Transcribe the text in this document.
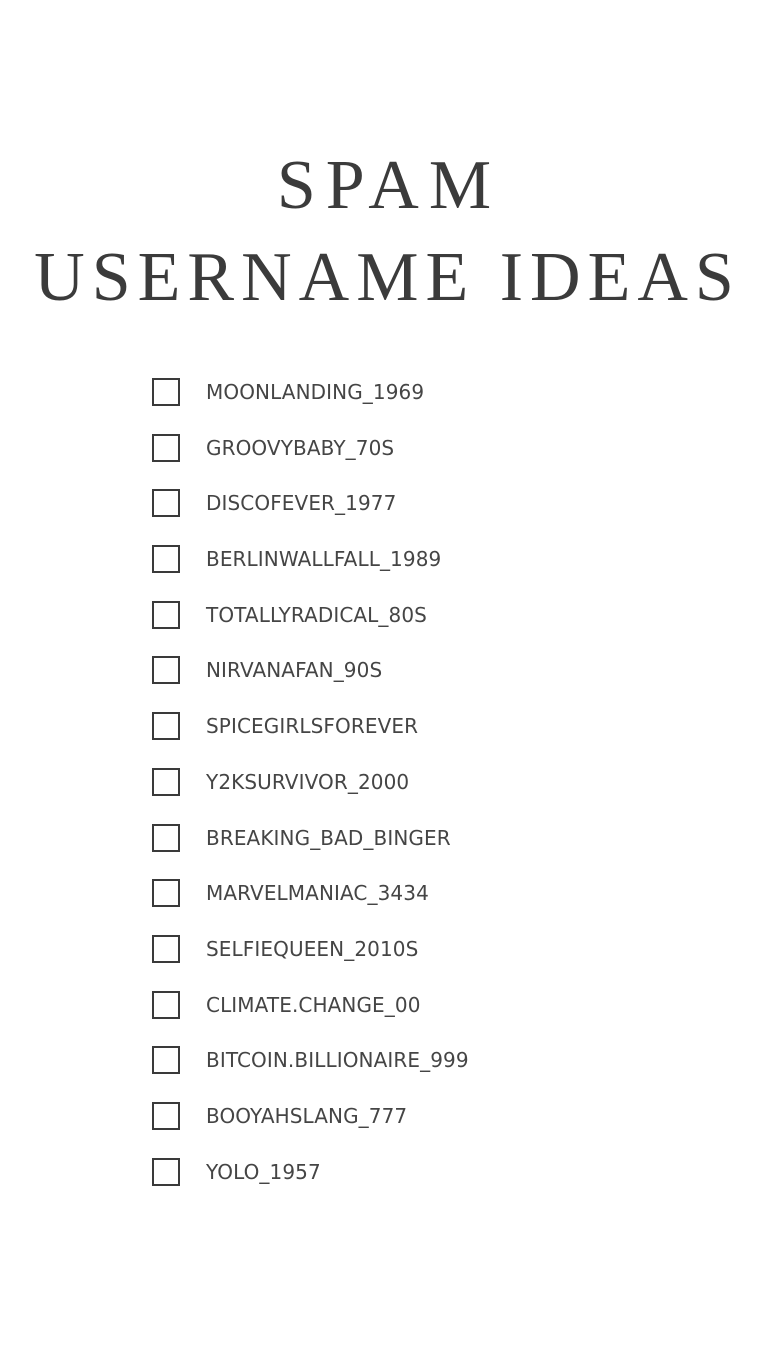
SPAM
USERNAME IDEAS
MOONLANDING_1969
GROOVYBABY_70S
DISCOFEVER_1977
BERLINWALLFALL_1989
TOTALLYRADICAL_80S
NIRVANAFAN_90S
SPICEGIRLSFOREVER
Y2KSURVIVOR_2000
BREAKING_BAD_BINGER
MARVELMANIAC_3434
SELFIEQUEEN_2010S
CLIMATE.CHANGE_00
BITCOIN.BILLIONAIRE_999
BOOYAHSLANG_777
YOLO_1957
